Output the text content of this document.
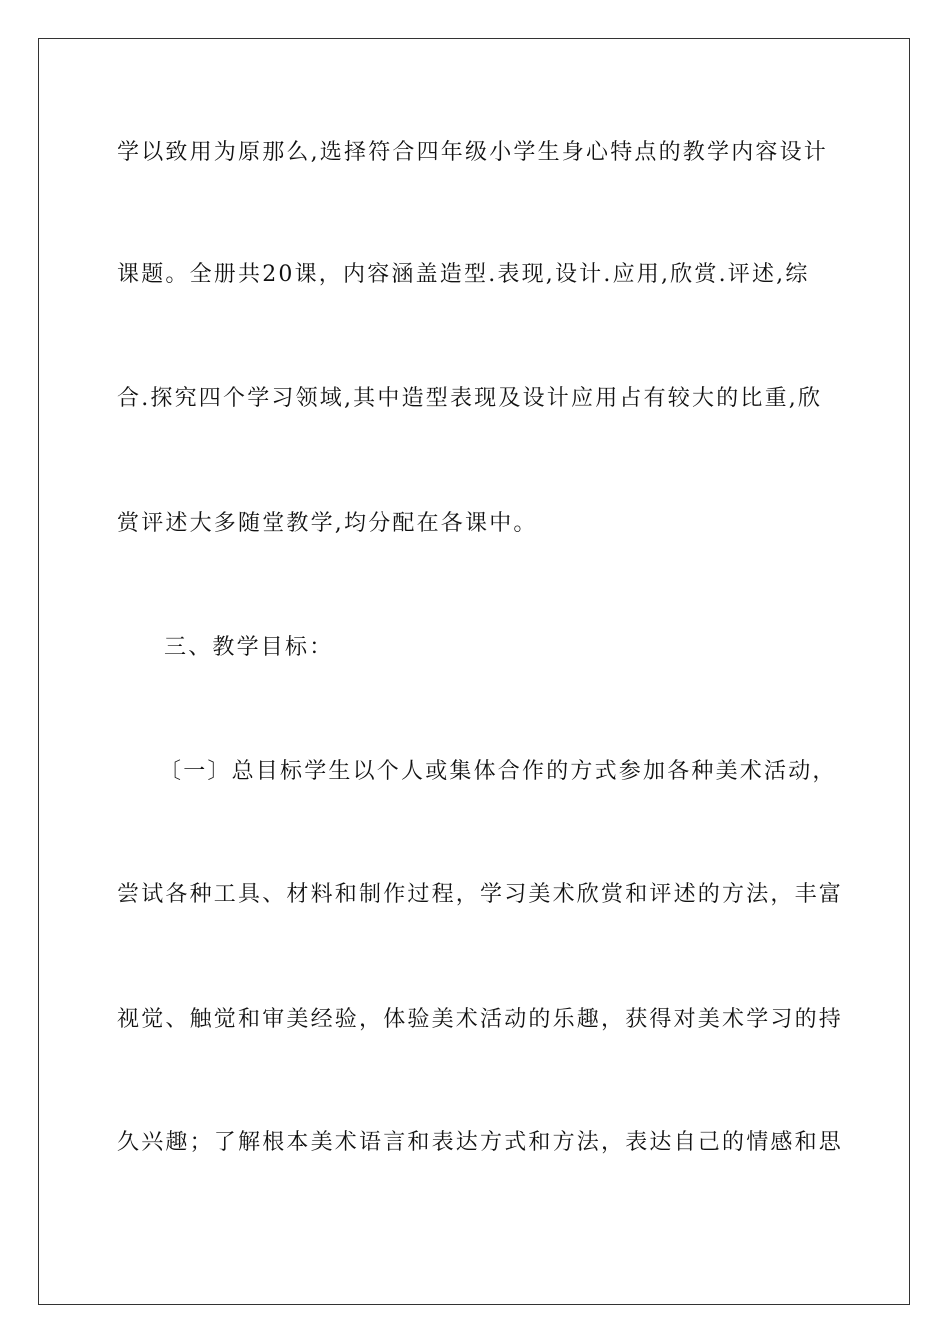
学以致用为原那么,选择符合四年级小学生身心特点的教学内容设计

课题。全册共20课，内容涵盖造型.表现,设计.应用,欣赏.评述,综

合.探究四个学习领域,其中造型表现及设计应用占有较大的比重,欣

赏评述大多随堂教学,均分配在各课中。

三、教学目标：

〔一〕总目标学生以个人或集体合作的方式参加各种美术活动，

尝试各种工具、材料和制作过程，学习美术欣赏和评述的方法，丰富

视觉、触觉和审美经验，体验美术活动的乐趣，获得对美术学习的持

久兴趣；了解根本美术语言和表达方式和方法，表达自己的情感和思
